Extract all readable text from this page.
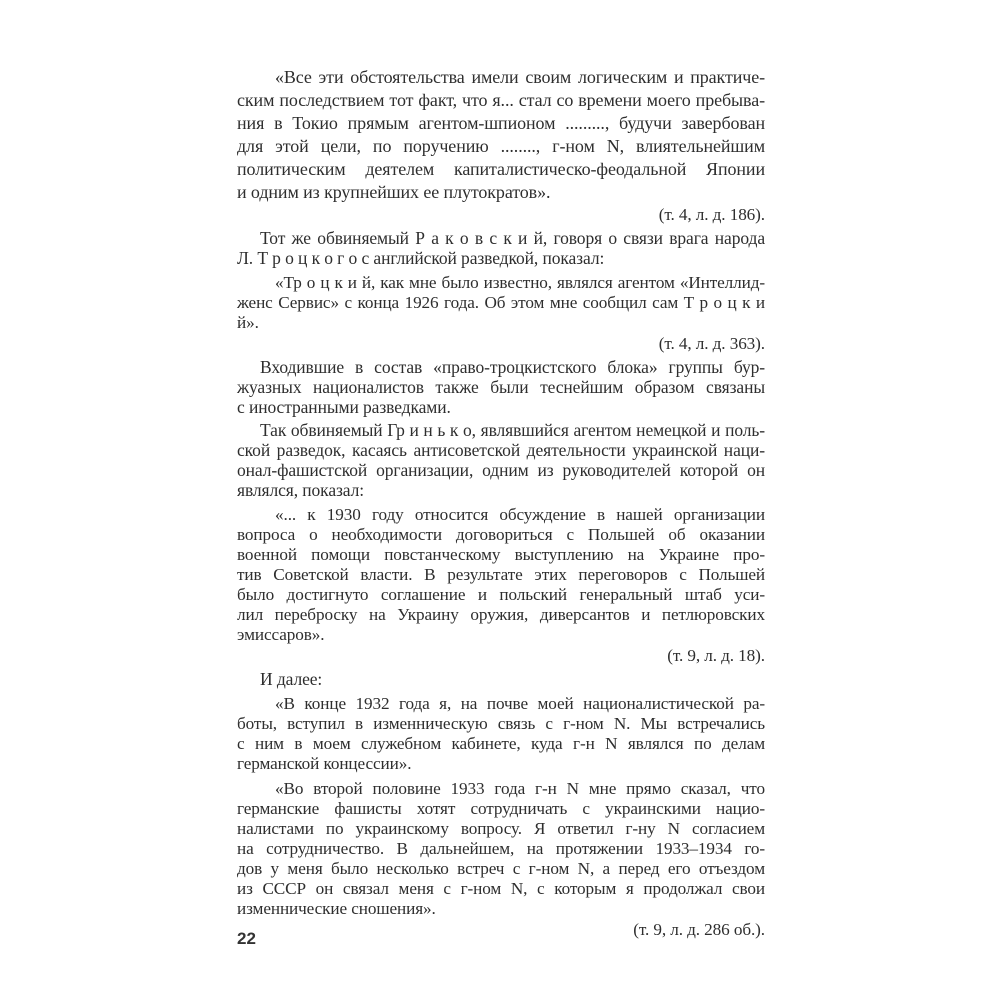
«Все эти обстоятельства имели своим логическим и практиче-
ским последствием тот факт, что я... стал со времени моего пребыва-
ния в Токио прямым агентом-шпионом ........., будучи завербован
для этой цели, по поручению ........, г-ном N, влиятельнейшим
политическим деятелем капиталистическо-феодальной Японии
и одним из крупнейших ее плутократов».
(т. 4, л. д. 186).
Тот же обвиняемый Р а к о в с к и й, говоря о связи врага народа
Л. Т р о ц к о г о с английской разведкой, показал:
«Тр о ц к и й, как мне было известно, являлся агентом «Интеллид-
женс Сервис» с конца 1926 года. Об этом мне сообщил сам Т р о ц к и й».
(т. 4, л. д. 363).
Входившие в состав «право-троцкистского блока» группы бур-
жуазных националистов также были теснейшим образом связаны
с иностранными разведками.
Так обвиняемый Гр и н ь к о, являвшийся агентом немецкой и поль-
ской разведок, касаясь антисоветской деятельности украинской наци-
онал-фашистской организации, одним из руководителей которой он
являлся, показал:
«... к 1930 году относится обсуждение в нашей организации
вопроса о необходимости договориться с Польшей об оказании
военной помощи повстанческому выступлению на Украине про-
тив Советской власти. В результате этих переговоров с Польшей
было достигнуто соглашение и польский генеральный штаб уси-
лил переброску на Украину оружия, диверсантов и петлюровских
эмиссаров».
(т. 9, л. д. 18).
И далее:
«В конце 1932 года я, на почве моей националистической ра-
боты, вступил в изменническую связь с г-ном N. Мы встречались
с ним в моем служебном кабинете, куда г-н N являлся по делам
германской концессии».
«Во второй половине 1933 года г-н N мне прямо сказал, что
германские фашисты хотят сотрудничать с украинскими нацио-
налистами по украинскому вопросу. Я ответил г-ну N согласием
на сотрудничество. В дальнейшем, на протяжении 1933–1934 го-
дов у меня было несколько встреч с г-ном N, а перед его отъездом
из СССР он связал меня с г-ном N, с которым я продолжал свои
изменнические сношения».
(т. 9, л. д. 286 об.).
22
